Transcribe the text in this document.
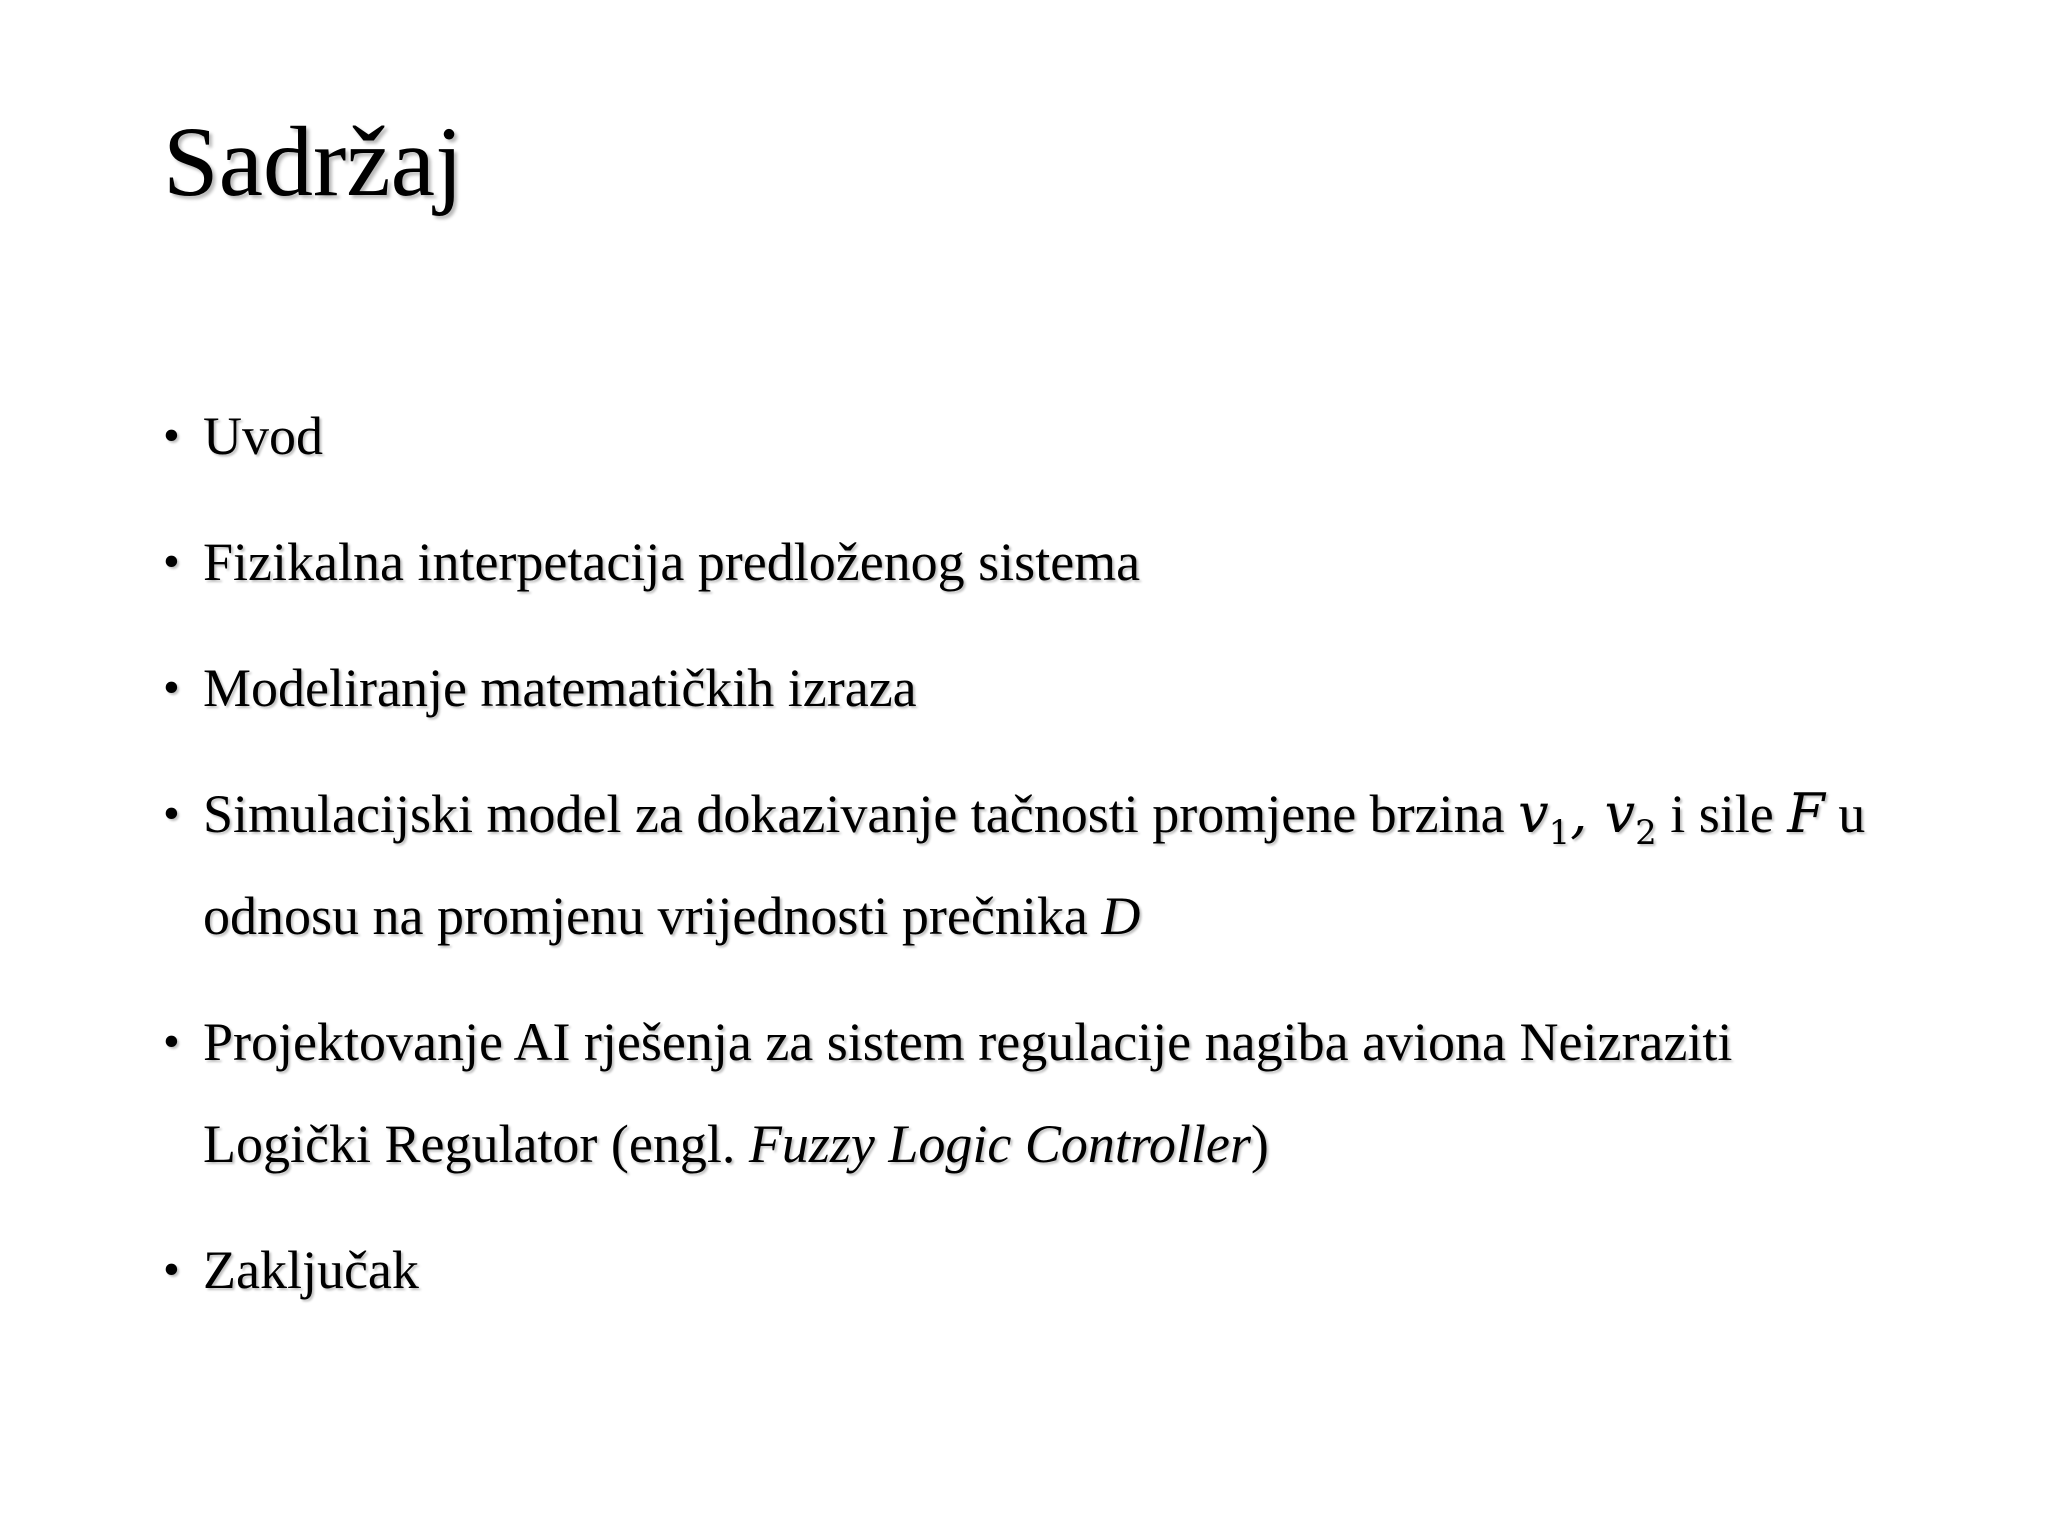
Sadržaj
• Uvod
• Fizikalna interpetacija predloženog sistema
• Modeliranje matematičkih izraza
• Simulacijski model za dokazivanje tačnosti promjene brzina $v_1$, $v_2$ i sile F u odnosu na promjenu vrijednosti prečnika D
• Projektovanje AI rješenja za sistem regulacije nagiba aviona Neizraziti Logički Regulator (engl. Fuzzy Logic Controller)
• Zaključak
